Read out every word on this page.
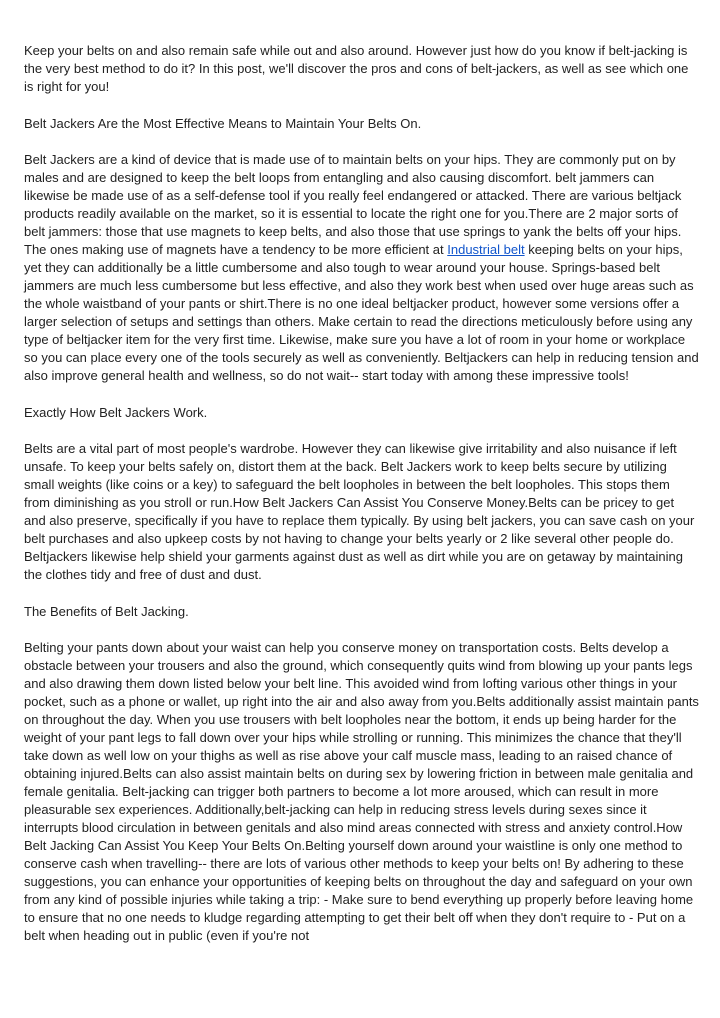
Keep your belts on and also remain safe while out and also around. However just how do you know if belt-jacking is the very best method to do it? In this post, we'll discover the pros and cons of belt-jackers, as well as see which one is right for you!

Belt Jackers Are the Most Effective Means to Maintain Your Belts On.

Belt Jackers are a kind of device that is made use of to maintain belts on your hips. They are commonly put on by males and are designed to keep the belt loops from entangling and also causing discomfort. belt jammers can likewise be made use of as a self-defense tool if you really feel endangered or attacked. There are various beltjack products readily available on the market, so it is essential to locate the right one for you.There are 2 major sorts of belt jammers: those that use magnets to keep belts, and also those that use springs to yank the belts off your hips. The ones making use of magnets have a tendency to be more efficient at Industrial belt keeping belts on your hips, yet they can additionally be a little cumbersome and also tough to wear around your house. Springs-based belt jammers are much less cumbersome but less effective, and also they work best when used over huge areas such as the whole waistband of your pants or shirt.There is no one ideal beltjacker product, however some versions offer a larger selection of setups and settings than others. Make certain to read the directions meticulously before using any type of beltjacker item for the very first time. Likewise, make sure you have a lot of room in your home or workplace so you can place every one of the tools securely as well as conveniently. Beltjackers can help in reducing tension and also improve general health and wellness, so do not wait-- start today with among these impressive tools!

Exactly How Belt Jackers Work.

Belts are a vital part of most people's wardrobe. However they can likewise give irritability and also nuisance if left unsafe. To keep your belts safely on, distort them at the back. Belt Jackers work to keep belts secure by utilizing small weights (like coins or a key) to safeguard the belt loopholes in between the belt loopholes. This stops them from diminishing as you stroll or run.How Belt Jackers Can Assist You Conserve Money.Belts can be pricey to get and also preserve, specifically if you have to replace them typically. By using belt jackers, you can save cash on your belt purchases and also upkeep costs by not having to change your belts yearly or 2 like several other people do. Beltjackers likewise help shield your garments against dust as well as dirt while you are on getaway by maintaining the clothes tidy and free of dust and dust.

The Benefits of Belt Jacking.

Belting your pants down about your waist can help you conserve money on transportation costs. Belts develop a obstacle between your trousers and also the ground, which consequently quits wind from blowing up your pants legs and also drawing them down listed below your belt line. This avoided wind from lofting various other things in your pocket, such as a phone or wallet, up right into the air and also away from you.Belts additionally assist maintain pants on throughout the day. When you use trousers with belt loopholes near the bottom, it ends up being harder for the weight of your pant legs to fall down over your hips while strolling or running. This minimizes the chance that they'll take down as well low on your thighs as well as rise above your calf muscle mass, leading to an raised chance of obtaining injured.Belts can also assist maintain belts on during sex by lowering friction in between male genitalia and female genitalia. Belt-jacking can trigger both partners to become a lot more aroused, which can result in more pleasurable sex experiences. Additionally,belt-jacking can help in reducing stress levels during sexes since it interrupts blood circulation in between genitals and also mind areas connected with stress and anxiety control.How Belt Jacking Can Assist You Keep Your Belts On.Belting yourself down around your waistline is only one method to conserve cash when travelling-- there are lots of various other methods to keep your belts on! By adhering to these suggestions, you can enhance your opportunities of keeping belts on throughout the day and safeguard on your own from any kind of possible injuries while taking a trip: - Make sure to bend everything up properly before leaving home to ensure that no one needs to kludge regarding attempting to get their belt off when they don't require to - Put on a belt when heading out in public (even if you're not
